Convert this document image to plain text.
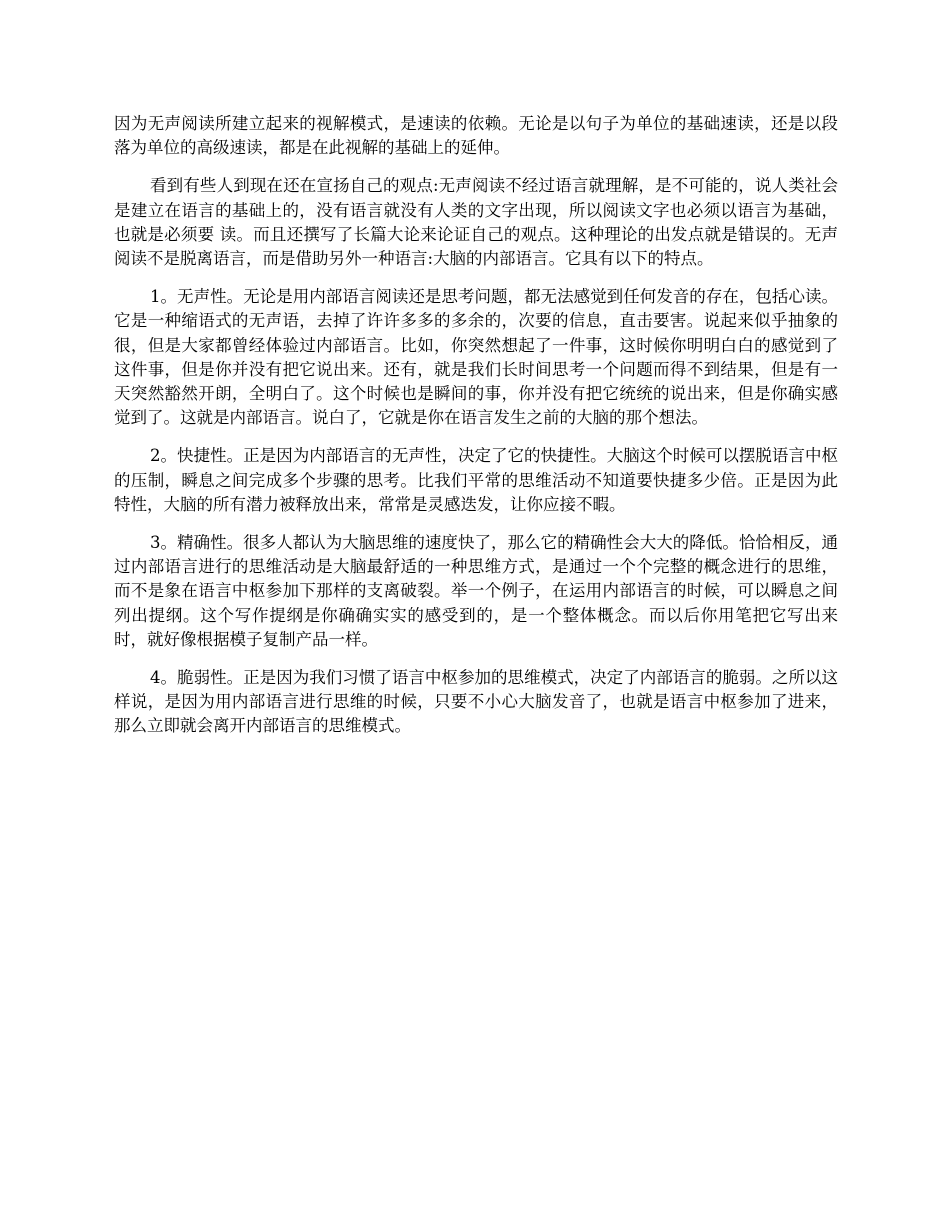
因为无声阅读所建立起来的视解模式，是速读的依赖。无论是以句子为单位的基础速读，还是以段落为单位的高级速读，都是在此视解的基础上的延伸。

看到有些人到现在还在宣扬自己的观点:无声阅读不经过语言就理解，是不可能的，说人类社会是建立在语言的基础上的，没有语言就没有人类的文字出现，所以阅读文字也必须以语言为基础，也就是必须要 读。而且还撰写了长篇大论来论证自己的观点。这种理论的出发点就是错误的。无声阅读不是脱离语言，而是借助另外一种语言:大脑的内部语言。它具有以下的特点。

1。无声性。无论是用内部语言阅读还是思考问题，都无法感觉到任何发音的存在，包括心读。它是一种缩语式的无声语，去掉了许许多多的多余的，次要的信息，直击要害。说起来似乎抽象的很，但是大家都曾经体验过内部语言。比如，你突然想起了一件事，这时候你明明白白的感觉到了这件事，但是你并没有把它说出来。还有，就是我们长时间思考一个问题而得不到结果，但是有一天突然豁然开朗，全明白了。这个时候也是瞬间的事，你并没有把它统统的说出来，但是你确实感觉到了。这就是内部语言。说白了，它就是你在语言发生之前的大脑的那个想法。

2。快捷性。正是因为内部语言的无声性，决定了它的快捷性。大脑这个时候可以摆脱语言中枢的压制，瞬息之间完成多个步骤的思考。比我们平常的思维活动不知道要快捷多少倍。正是因为此特性，大脑的所有潜力被释放出来，常常是灵感迭发，让你应接不暇。

3。精确性。很多人都认为大脑思维的速度快了，那么它的精确性会大大的降低。恰恰相反，通过内部语言进行的思维活动是大脑最舒适的一种思维方式，是通过一个个完整的概念进行的思维，而不是象在语言中枢参加下那样的支离破裂。举一个例子，在运用内部语言的时候，可以瞬息之间列出提纲。这个写作提纲是你确确实实的感受到的，是一个整体概念。而以后你用笔把它写出来时，就好像根据模子复制产品一样。

4。脆弱性。正是因为我们习惯了语言中枢参加的思维模式，决定了内部语言的脆弱。之所以这样说，是因为用内部语言进行思维的时候，只要不小心大脑发音了，也就是语言中枢参加了进来，那么立即就会离开内部语言的思维模式。
